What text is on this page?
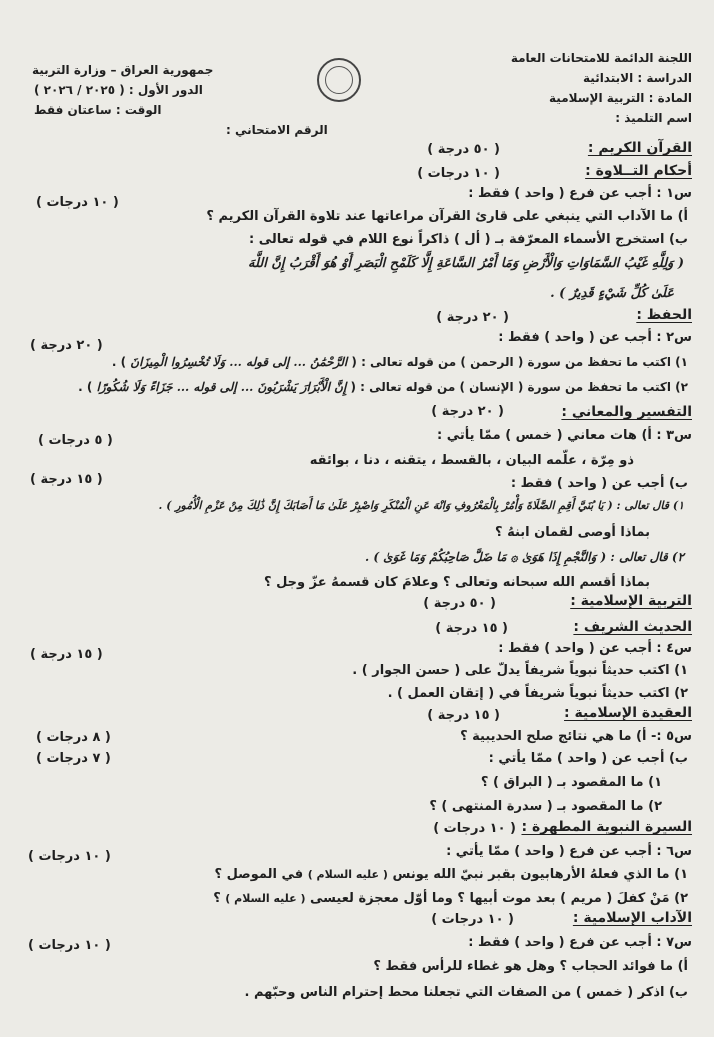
اللجنة الدائمة للامتحانات العامة
الدراسة : الابتدائية
المادة : التربية الإسلامية
اسم التلميذ :
جمهورية العراق – وزارة التربية
الدور الأول : ( ٢٠٢٥ / ٢٠٢٦ )
الوقت : ساعتان فقط
الرقم الامتحاني :
القرآن الكريم :
( ٥٠ درجة )
أحكام التــلاوة :
( ١٠ درجات )
س١ : أجب عن فرع ( واحد ) فقط :
( ١٠ درجات )
أ) ما الآداب التي ينبغي على قارئ القرآن مراعاتها عند تلاوة القرآن الكريم ؟
ب) استخرج الأسماء المعرّفة بـ ( أل ) ذاكراً نوع اللام في قوله تعالى :
( وَلِلَّهِ غَيْبُ السَّمَاوَاتِ وَالْأَرْضِ وَمَا أَمْرُ السَّاعَةِ إِلَّا كَلَمْحِ الْبَصَرِ أَوْ هُوَ أَقْرَبُ إِنَّ اللَّهَ
عَلَىٰ كُلِّ شَيْءٍ قَدِيرٌ ) .
الحفظ :
( ٢٠ درجة )
س٢ : أجب عن ( واحد ) فقط :
( ٢٠ درجة )
١) اكتب ما تحفظ من سورة ( الرحمن ) من قوله تعالى : ( الرَّحْمَٰنُ ... إلى قوله ... وَلَا تُخْسِرُوا الْمِيزَانَ ) .
٢) اكتب ما تحفظ من سورة ( الإنسان ) من قوله تعالى : ( إِنَّ الْأَبْرَارَ يَشْرَبُونَ ... إلى قوله ... جَزَاءً وَلَا شُكُورًا ) .
التفسير والمعاني :
( ٢٠ درجة )
س٣ : أ) هات معاني ( خمس ) ممّا يأتي :
( ٥ درجات )
ذو مِرّة ، علّمه البيان ، بالقسط ، يتقنه ، دنا ، بوائقه
ب) أجب عن ( واحد ) فقط :
( ١٥ درجة )
١) قال تعالى : ( يَا بُنَيَّ أَقِمِ الصَّلَاةَ وَأْمُرْ بِالْمَعْرُوفِ وَانْهَ عَنِ الْمُنْكَرِ وَاصْبِرْ عَلَىٰ مَا أَصَابَكَ إِنَّ ذَٰلِكَ مِنْ عَزْمِ الْأُمُورِ ) .
بماذا أوصى لقمان ابنهُ ؟
٢) قال تعالى : ( وَالنَّجْمِ إِذَا هَوَىٰ ۞ مَا ضَلَّ صَاحِبُكُمْ وَمَا غَوَىٰ ) .
بماذا أقسم الله سبحانه وتعالى ؟ وعلامَ كان قسمهُ عزّ وجل ؟
التربية الإسلامية :
( ٥٠ درجة )
الحديث الشريف :
( ١٥ درجة )
س٤ : أجب عن ( واحد ) فقط :
( ١٥ درجة )
١) اكتب حديثاً نبوياً شريفاً يدلّ على ( حسن الجوار ) .
٢) اكتب حديثاً نبوياً شريفاً في ( إتقان العمل ) .
العقيدة الإسلامية :
( ١٥ درجة )
س٥ :- أ) ما هي نتائج صلح الحديبية ؟
( ٨ درجات )
ب) أجب عن ( واحد ) ممّا يأتي :
( ٧ درجات )
١) ما المقصود بـ ( البراق ) ؟
٢) ما المقصود بـ ( سدرة المنتهى ) ؟
السيرة النبوية المطهرة :
( ١٠ درجات )
س٦ : أجب عن فرع ( واحد ) ممّا يأتي :
( ١٠ درجات )
١) ما الذي فعلهُ الأرهابيون بقبر نبيّ الله يونس ( عليه السلام ) في الموصل ؟
٢) مَنْ كفلَ ( مريم ) بعد موت أبيها ؟ وما أوّل معجزة لعيسى ( عليه السلام ) ؟
الآداب الإسلامية :
( ١٠ درجات )
س٧ : أجب عن فرع ( واحد ) فقط :
( ١٠ درجات )
أ) ما فوائد الحجاب ؟ وهل هو غطاء للرأس فقط ؟
ب) اذكر ( خمس ) من الصفات التي تجعلنا محط إحترام الناس وحبّهم .
